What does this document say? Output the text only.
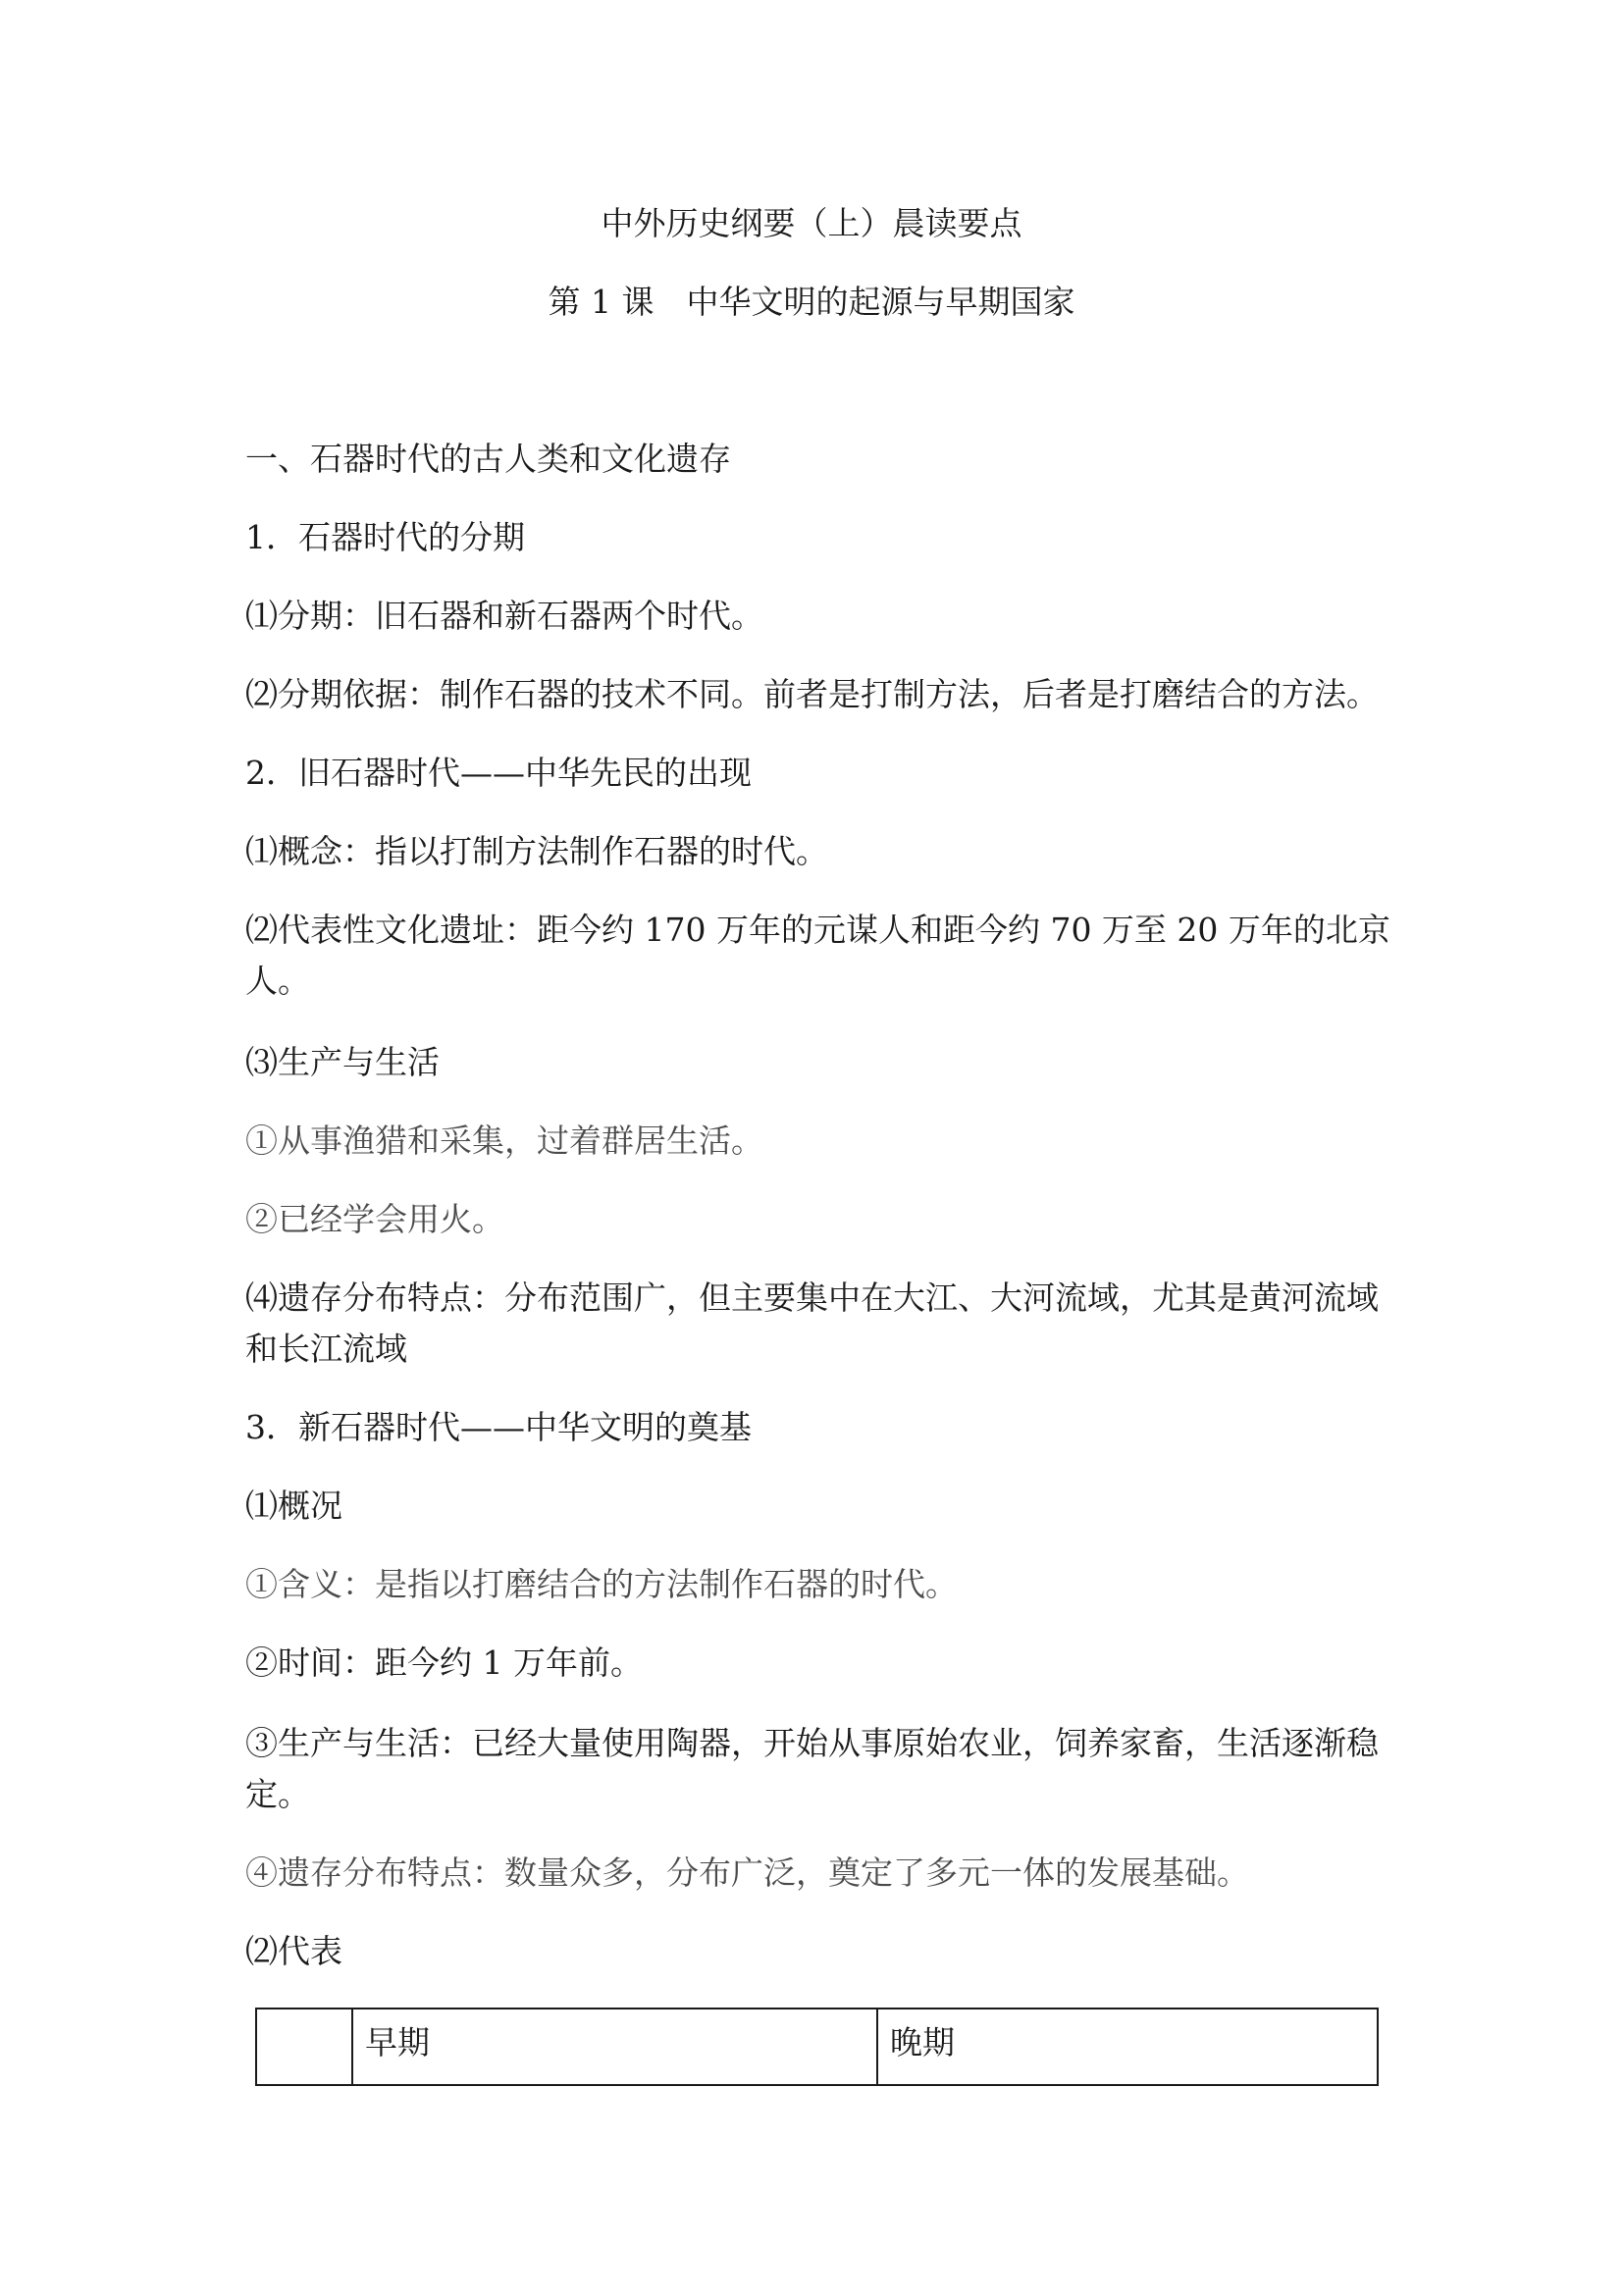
中外历史纲要（上）晨读要点
第 1 课　中华文明的起源与早期国家
一、石器时代的古人类和文化遗存
1．石器时代的分期
⑴分期：旧石器和新石器两个时代。
⑵分期依据：制作石器的技术不同。前者是打制方法，后者是打磨结合的方法。
2．旧石器时代——中华先民的出现
⑴概念：指以打制方法制作石器的时代。
⑵代表性文化遗址：距今约 170 万年的元谋人和距今约 70 万至 20 万年的北京
人。
⑶生产与生活
①从事渔猎和采集，过着群居生活。
②已经学会用火。
⑷遗存分布特点：分布范围广，但主要集中在大江、大河流域，尤其是黄河流域
和长江流域
3．新石器时代——中华文明的奠基
⑴概况
①含义：是指以打磨结合的方法制作石器的时代。
②时间：距今约 1 万年前。
③生产与生活：已经大量使用陶器，开始从事原始农业，饲养家畜，生活逐渐稳
定。
④遗存分布特点：数量众多，分布广泛，奠定了多元一体的发展基础。
⑵代表
	早期	晚期
